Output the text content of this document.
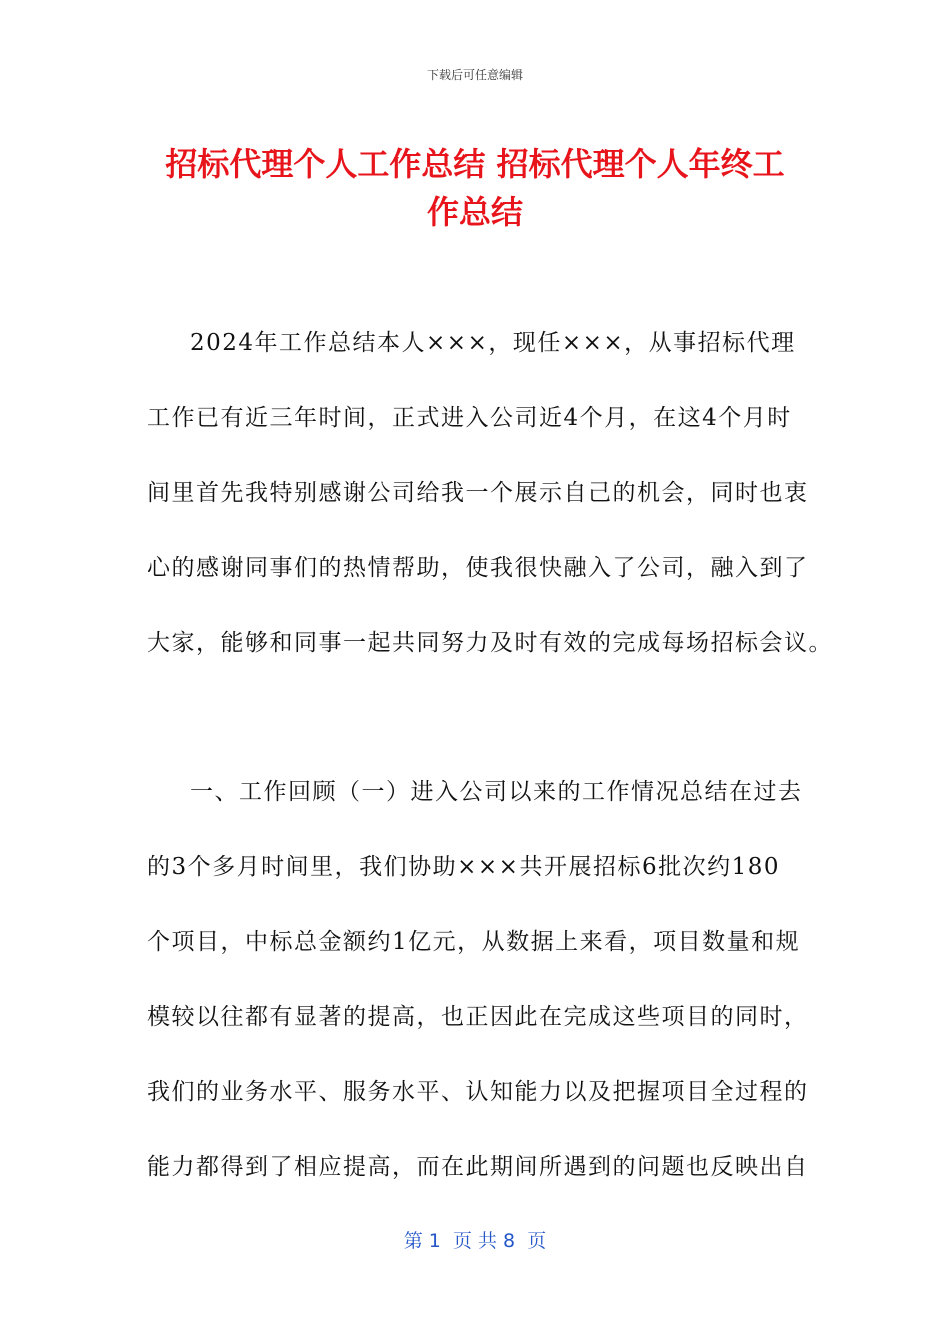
下载后可任意编辑
招标代理个人工作总结 招标代理个人年终工
作总结
2024年工作总结本人×××，现任×××，从事招标代理
工作已有近三年时间，正式进入公司近4个月，在这4个月时
间里首先我特别感谢公司给我一个展示自己的机会，同时也衷
心的感谢同事们的热情帮助，使我很快融入了公司，融入到了
大家，能够和同事一起共同努力及时有效的完成每场招标会议。
一、工作回顾（一）进入公司以来的工作情况总结在过去
的3个多月时间里，我们协助×××共开展招标6批次约180
个项目，中标总金额约1亿元，从数据上来看，项目数量和规
模较以往都有显著的提高，也正因此在完成这些项目的同时，
我们的业务水平、服务水平、认知能力以及把握项目全过程的
能力都得到了相应提高，而在此期间所遇到的问题也反映出自
第 1  页 共 8  页
